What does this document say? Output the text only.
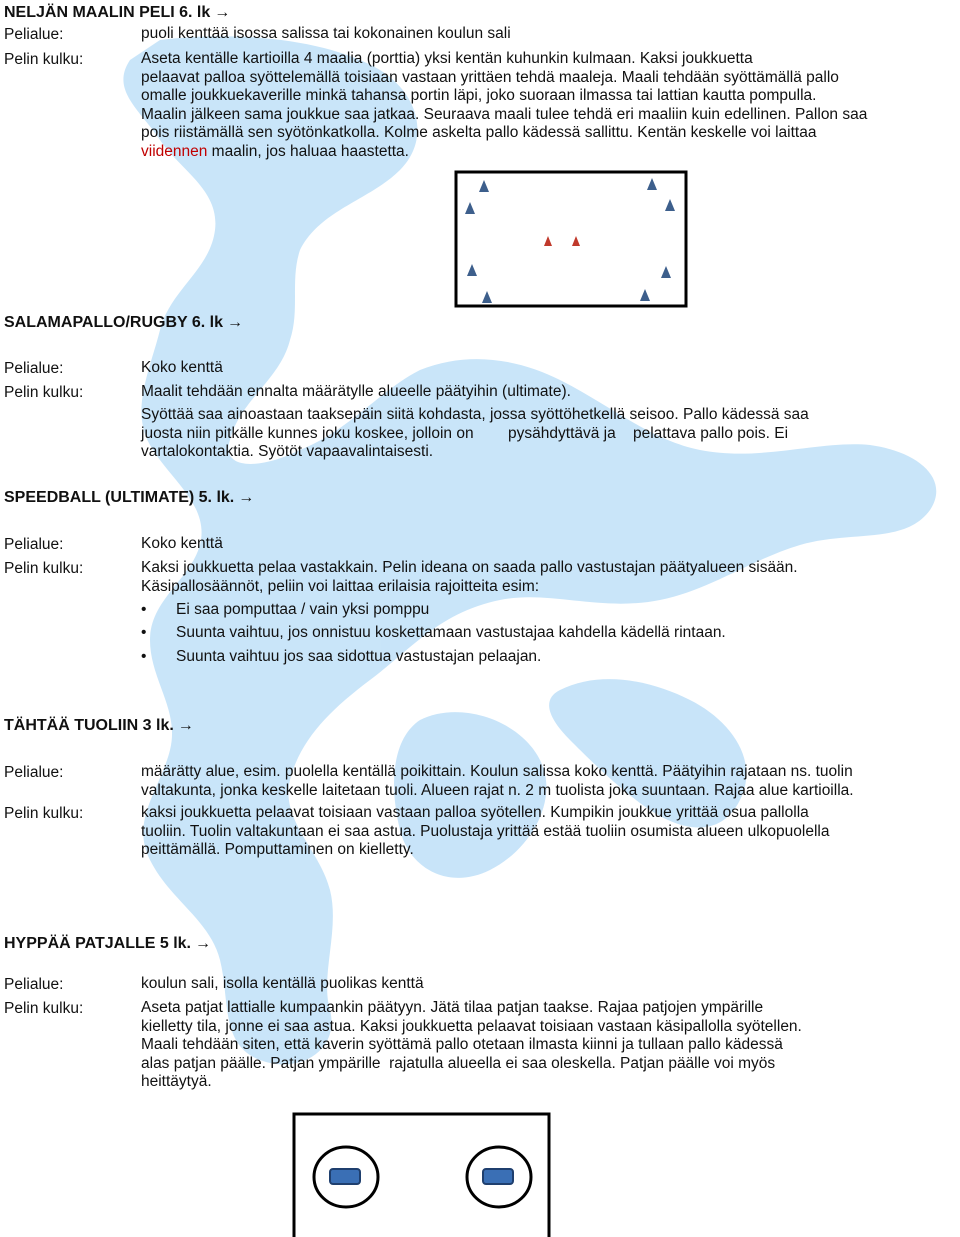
NELJÄN MAALIN PELI 6. lk →
Pelialue:	puoli kenttää isossa salissa tai kokonainen koulun sali
Pelin kulku:	Aseta kentälle kartioilla 4 maalia (porttia) yksi kentän kuhunkin kulmaan. Kaksi joukkuetta
pelaavat palloa syöttelemällä toisiaan vastaan yrittäen tehdä maaleja. Maali tehdään syöttämällä pallo
omalle joukkuekaverille minkä tahansa portin läpi, joko suoraan ilmassa tai lattian kautta pompulla.
Maalin jälkeen sama joukkue saa jatkaa. Seuraava maali tulee tehdä eri maaliin kuin edellinen. Pallon saa
pois riistämällä sen syötönkatkolla. Kolme askelta pallo kädessä sallittu. Kentän keskelle voi laittaa
viidennen maalin, jos haluaa haastetta.
SALAMAPALLO/RUGBY 6. lk →
Pelialue:	Koko kenttä
Pelin kulku:	Maalit tehdään ennalta määrätylle alueelle päätyihin (ultimate).
Syöttää saa ainoastaan taaksepäin siitä kohdasta, jossa syöttöhetkellä seisoo. Pallo kädessä saa
juosta niin pitkälle kunnes joku koskee, jolloin on        pysähdyttävä ja    pelattava pallo pois. Ei
vartalokontaktia. Syötöt vapaavalintaisesti.
SPEEDBALL (ULTIMATE) 5. lk. →
Pelialue:	Koko kenttä
Pelin kulku:	Kaksi joukkuetta pelaa vastakkain. Pelin ideana on saada pallo vastustajan päätyalueen sisään.
Käsipallosäännöt, peliin voi laittaa erilaisia rajoitteita esim:
• Ei saa pomputtaa / vain yksi pomppu
• Suunta vaihtuu, jos onnistuu koskettamaan vastustajaa kahdella kädellä rintaan.
• Suunta vaihtuu jos saa sidottua vastustajan pelaajan.
TÄHTÄÄ TUOLIIN 3 lk. →
Pelialue:	määrätty alue, esim. puolella kentällä poikittain. Koulun salissa koko kenttä. Päätyihin rajataan ns. tuolin
valtakunta, jonka keskelle laitetaan tuoli. Alueen rajat n. 2 m tuolista joka suuntaan. Rajaa alue kartioilla.
Pelin kulku:	kaksi joukkuetta pelaavat toisiaan vastaan palloa syötellen. Kumpikin joukkue yrittää osua pallolla
tuoliin. Tuolin valtakuntaan ei saa astua. Puolustaja yrittää estää tuoliin osumista alueen ulkopuolella
peittämällä. Pomputtaminen on kielletty.
HYPPÄÄ PATJALLE 5 lk. →
Pelialue:	koulun sali, isolla kentällä puolikas kenttä
Pelin kulku:	Aseta patjat lattialle kumpaankin päätyyn. Jätä tilaa patjan taakse. Rajaa patjojen ympärille
kielletty tila, jonne ei saa astua. Kaksi joukkuetta pelaavat toisiaan vastaan käsipallolla syötellen.
Maali tehdään siten, että kaverin syöttämä pallo otetaan ilmasta kiinni ja tullaan pallo kädessä
alas patjan päälle. Patjan ympärille  rajatulla alueella ei saa oleskella. Patjan päälle voi myös
heittäytyä.
